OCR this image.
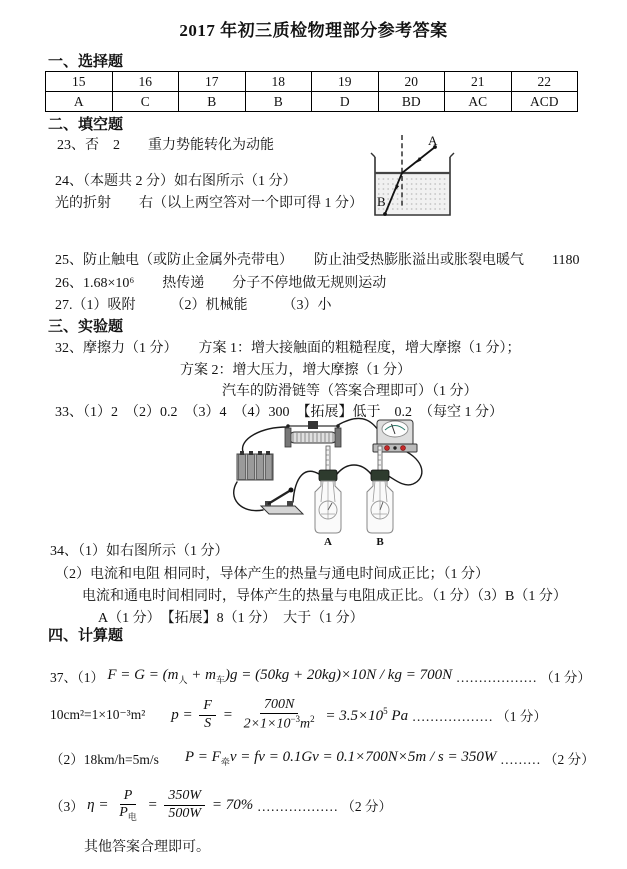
2017 年初三质检物理部分参考答案
一、选择题
15	16	17	18	19	20	21	22
A	C	B	B	D	BD	AC	ACD
二、填空题
23、否　2　　重力势能转化为动能
24、（本题共 2 分）如右图所示（1 分）
光的折射　　右（以上两空答对一个即可得 1 分）
A
B
25、防止触电（或防止金属外壳带电）　　防止油受热膨胀溢出或胀裂电暖气　　1180
26、1.68×10⁶　　热传递　　分子不停地做无规则运动
27.（1）吸附　　　（2）机械能　　　（3）小
三、实验题
32、摩擦力（1 分）　　方案 1：增大接触面的粗糙程度，增大摩擦（1 分）；
方案 2：增大压力，增大摩擦（1 分）
汽车的防滑链等（答案合理即可）（1 分）
33、（1）2　（2）0.2　（3）4　（4）300　【拓展】低于　0.2　（每空 1 分）
A	B
34、（1）如右图所示（1 分）
（2）电流和电阻 相同时，导体产生的热量与通电时间成正比；（1 分）
电流和通电时间相同时，导体产生的热量与电阻成正比。（1 分）
（3）B（1 分）
A（1 分）　【拓展】8（1 分）　大于（1 分）
四、计算题
37、（1） $F = G = (m_人 + m_车)g = (50kg + 20kg)\times 10N$ / kg = 700N ……………… （1 分）
10cm²=1×10⁻³m² $p = \frac{F}{S} = \frac{700N}{2\times 1\times 10^{-3}m^2} = 3.5\times 10^5$ Pa ……………… （1 分）
（2）18km/h=5m/s $P = F_牵v$ = fv = 0.1Gv = 0.1×700N×5m / s = 350W ……… （2 分）
（3） $\eta = \frac{P}{P_电} = \frac{350W}{500W} = 70\%$ ……………… （2 分）
其他答案合理即可。
